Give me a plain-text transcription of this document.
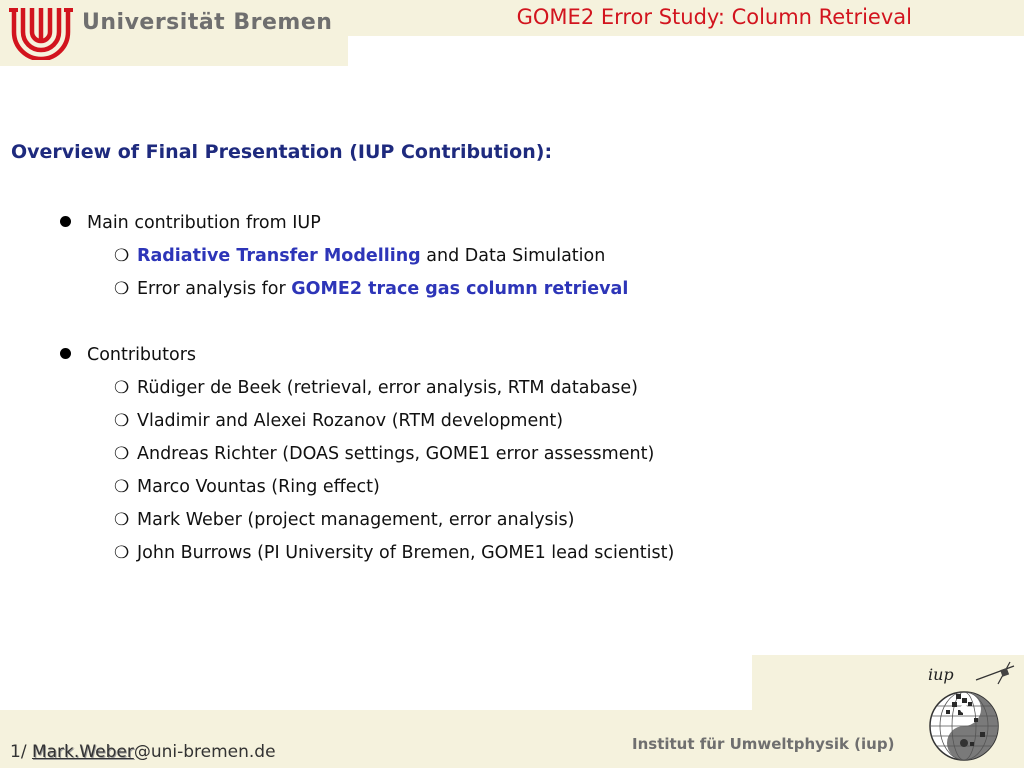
Universität Bremen	GOME2 Error Study: Column Retrieval
Overview of Final Presentation (IUP Contribution):
Main contribution from IUP
❍ Radiative Transfer Modelling and Data Simulation
❍ Error analysis for GOME2 trace gas column retrieval
Contributors
❍ Rüdiger de Beek (retrieval, error analysis, RTM database)
❍ Vladimir and Alexei Rozanov (RTM development)
❍ Andreas Richter (DOAS settings, GOME1 error assessment)
❍ Marco Vountas (Ring effect)
❍ Mark Weber (project management, error analysis)
❍ John Burrows (PI University of Bremen, GOME1 lead scientist)
1/ Mark.Weber@uni-bremen.de	Institut für Umweltphysik (iup)
iup
